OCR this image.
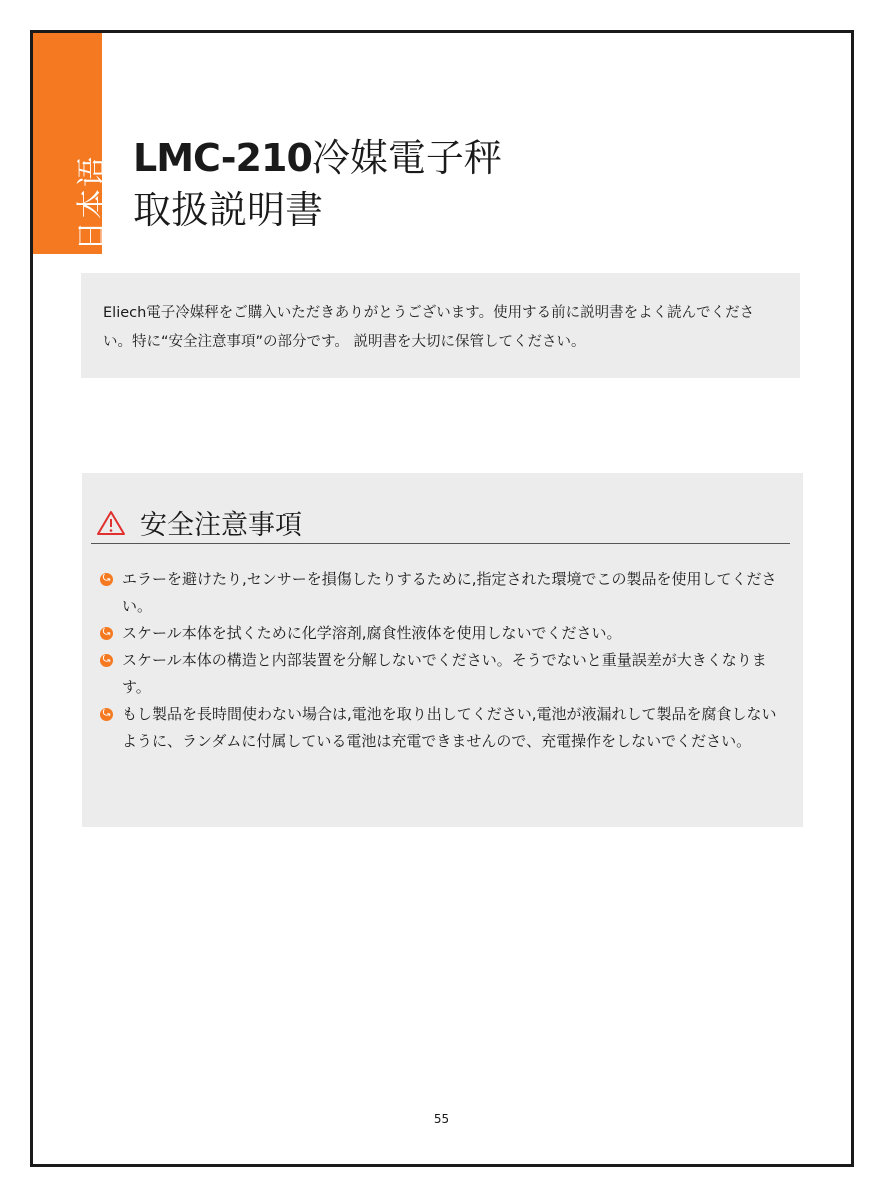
日本语 LMC-210冷媒電子秤
取扱説明書
Eliech電子冷媒秤をご購入いただきありがとうございます。使用する前に説明書をよく読んでください。特に“安全注意事項”の部分です。 説明書を大切に保管してください。
安全注意事項
⤿ エラーを避けたり,センサーを損傷したりするために,指定された環境でこの製品を使用してください。
⤿ スケール本体を拭くために化学溶剤,腐食性液体を使用しないでください。
⤿ スケール本体の構造と内部装置を分解しないでください。そうでないと重量誤差が大きくなります。
⤿ もし製品を長時間使わない場合は,電池を取り出してください,電池が液漏れして製品を腐食しないように、ランダムに付属している電池は充電できませんので、充電操作をしないでください。
55
